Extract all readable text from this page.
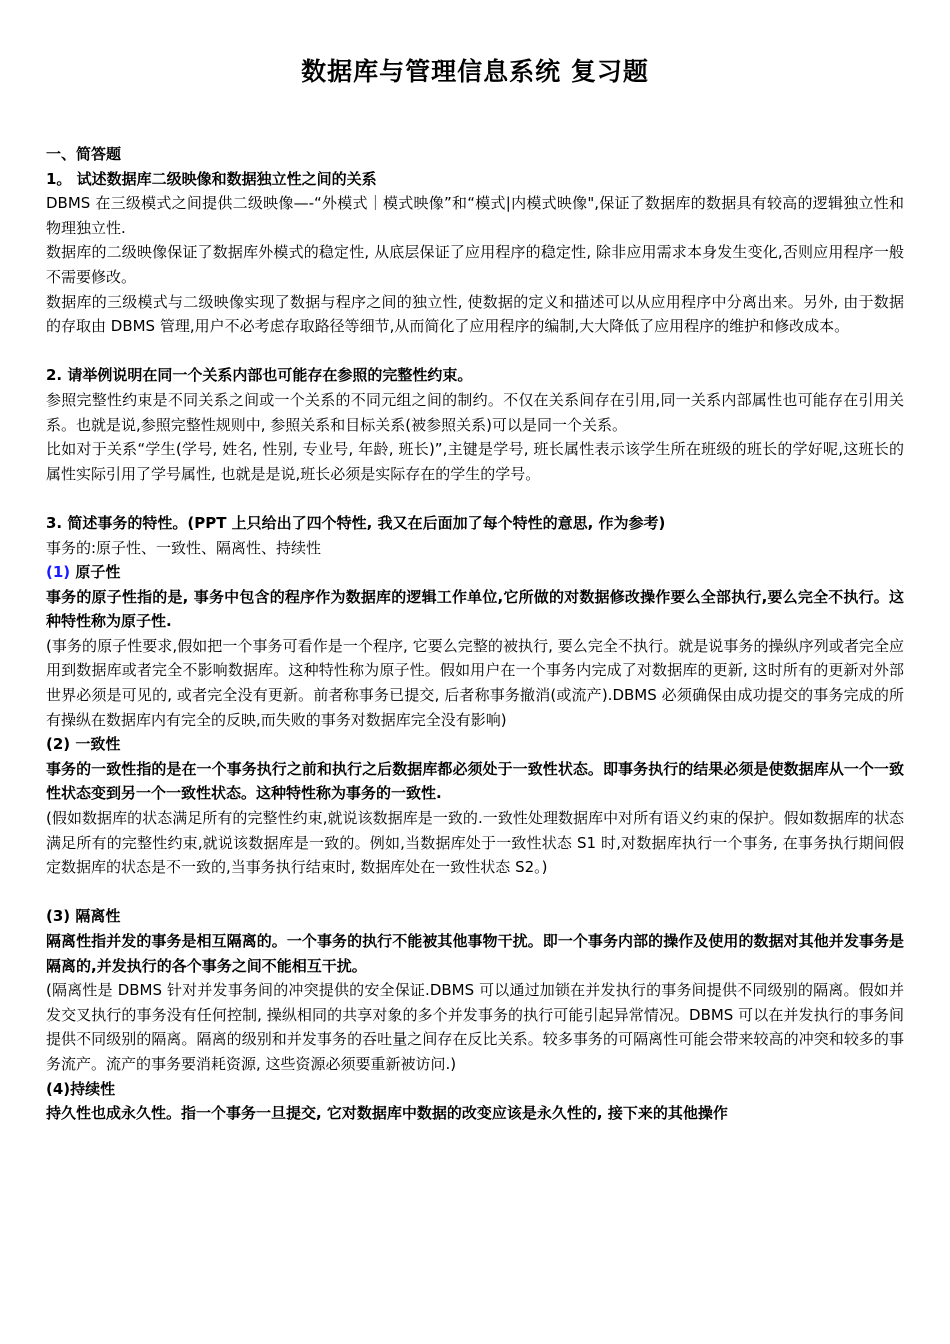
数据库与管理信息系统 复习题

一、简答题

1。 试述数据库二级映像和数据独立性之间的关系

DBMS 在三级模式之间提供二级映像—-“外模式｜模式映像”和“模式|内模式映像",保证了数据库的数据具有较高的逻辑独立性和物理独立性.

数据库的二级映像保证了数据库外模式的稳定性, 从底层保证了应用程序的稳定性, 除非应用需求本身发生变化,否则应用程序一般不需要修改。

数据库的三级模式与二级映像实现了数据与程序之间的独立性, 使数据的定义和描述可以从应用程序中分离出来。另外, 由于数据的存取由 DBMS 管理,用户不必考虑存取路径等细节,从而简化了应用程序的编制,大大降低了应用程序的维护和修改成本。

2. 请举例说明在同一个关系内部也可能存在参照的完整性约束。

参照完整性约束是不同关系之间或一个关系的不同元组之间的制约。不仅在关系间存在引用,同一关系内部属性也可能存在引用关系。也就是说,参照完整性规则中, 参照关系和目标关系(被参照关系)可以是同一个关系。

比如对于关系“学生(学号, 姓名, 性别, 专业号, 年龄, 班长)”,主键是学号, 班长属性表示该学生所在班级的班长的学好呢,这班长的属性实际引用了学号属性, 也就是是说,班长必须是实际存在的学生的学号。

3. 简述事务的特性。(PPT 上只给出了四个特性, 我又在后面加了每个特性的意思, 作为参考)

事务的:原子性、一致性、隔离性、持续性

(1) 原子性

事务的原子性指的是, 事务中包含的程序作为数据库的逻辑工作单位,它所做的对数据修改操作要么全部执行,要么完全不执行。这种特性称为原子性.

(事务的原子性要求,假如把一个事务可看作是一个程序, 它要么完整的被执行, 要么完全不执行。就是说事务的操纵序列或者完全应用到数据库或者完全不影响数据库。这种特性称为原子性。假如用户在一个事务内完成了对数据库的更新, 这时所有的更新对外部世界必须是可见的, 或者完全没有更新。前者称事务已提交, 后者称事务撤消(或流产).DBMS 必须确保由成功提交的事务完成的所有操纵在数据库内有完全的反映,而失败的事务对数据库完全没有影响)

(2) 一致性

事务的一致性指的是在一个事务执行之前和执行之后数据库都必须处于一致性状态。即事务执行的结果必须是使数据库从一个一致性状态变到另一个一致性状态。这种特性称为事务的一致性.

(假如数据库的状态满足所有的完整性约束,就说该数据库是一致的.一致性处理数据库中对所有语义约束的保护。假如数据库的状态满足所有的完整性约束,就说该数据库是一致的。例如,当数据库处于一致性状态 S1 时,对数据库执行一个事务, 在事务执行期间假定数据库的状态是不一致的,当事务执行结束时, 数据库处在一致性状态 S2。)

(3) 隔离性

隔离性指并发的事务是相互隔离的。一个事务的执行不能被其他事物干扰。即一个事务内部的操作及使用的数据对其他并发事务是隔离的,并发执行的各个事务之间不能相互干扰。

(隔离性是 DBMS 针对并发事务间的冲突提供的安全保证.DBMS 可以通过加锁在并发执行的事务间提供不同级别的隔离。假如并发交叉执行的事务没有任何控制, 操纵相同的共享对象的多个并发事务的执行可能引起异常情况。DBMS 可以在并发执行的事务间提供不同级别的隔离。隔离的级别和并发事务的吞吐量之间存在反比关系。较多事务的可隔离性可能会带来较高的冲突和较多的事务流产。流产的事务要消耗资源, 这些资源必须要重新被访问.)

(4)持续性

持久性也成永久性。指一个事务一旦提交, 它对数据库中数据的改变应该是永久性的, 接下来的其他操作
